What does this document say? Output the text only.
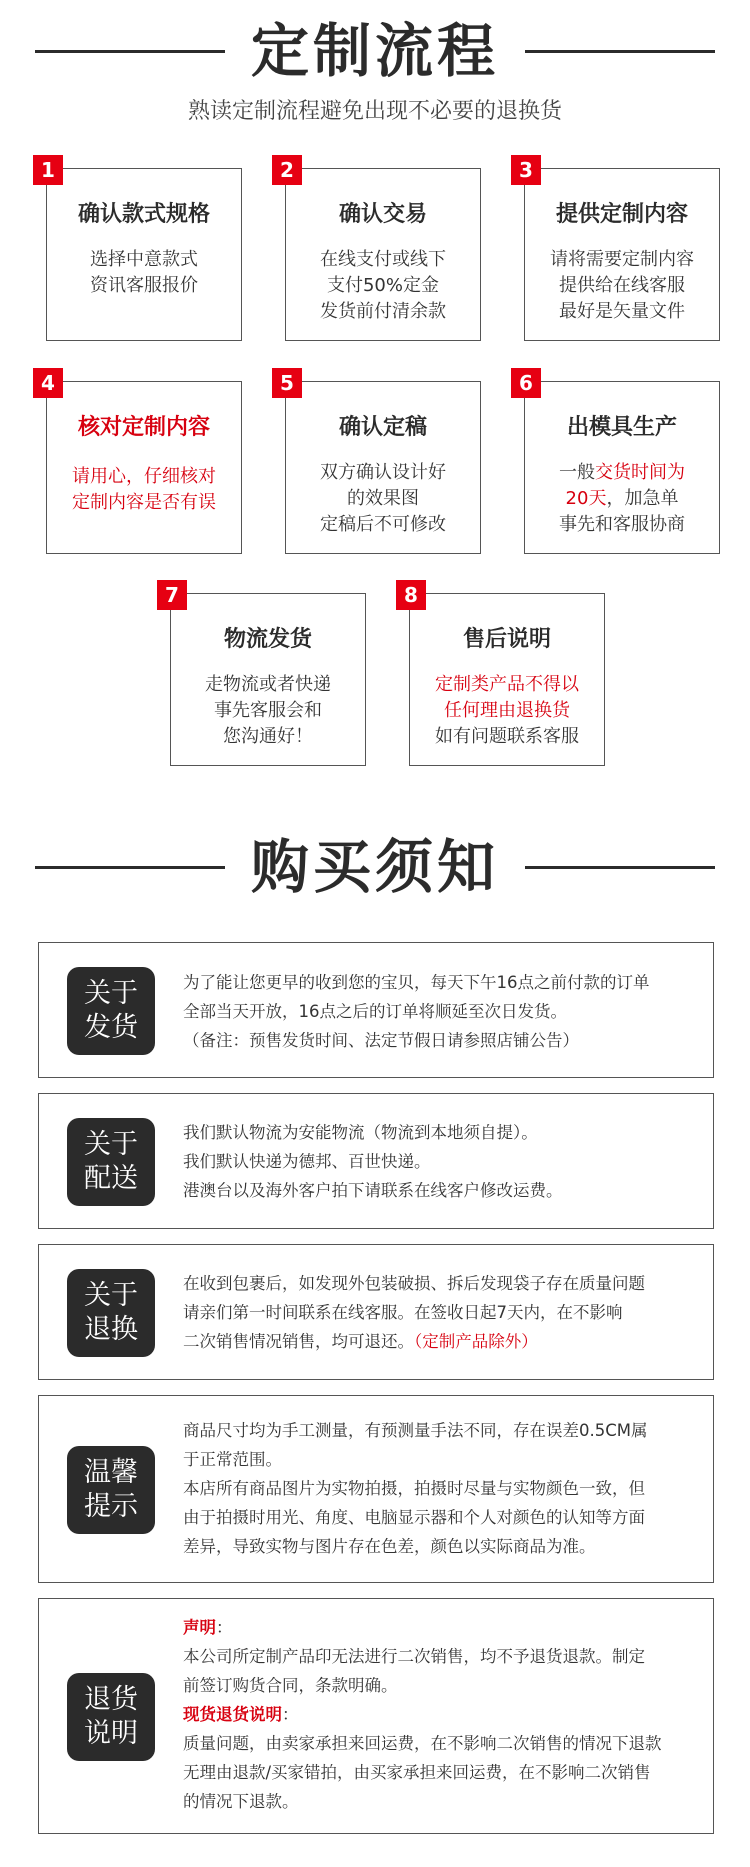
定制流程
熟读定制流程避免出现不必要的退换货
1
确认款式规格
选择中意款式
资讯客服报价
2
确认交易
在线支付或线下
支付50%定金
发货前付清余款
3
提供定制内容
请将需要定制内容
提供给在线客服
最好是矢量文件
4
核对定制内容
请用心，仔细核对
定制内容是否有误
5
确认定稿
双方确认设计好
的效果图
定稿后不可修改
6
出模具生产
一般交货时间为
20天，加急单
事先和客服协商
7
物流发货
走物流或者快递
事先客服会和
您沟通好！
8
售后说明
定制类产品不得以
任何理由退换货
如有问题联系客服
购买须知
关于
发货
为了能让您更早的收到您的宝贝，每天下午16点之前付款的订单
全部当天开放，16点之后的订单将顺延至次日发货。
（备注：预售发货时间、法定节假日请参照店铺公告）
关于
配送
我们默认物流为安能物流（物流到本地须自提）。
我们默认快递为德邦、百世快递。
港澳台以及海外客户拍下请联系在线客户修改运费。
关于
退换
在收到包裹后，如发现外包装破损、拆后发现袋子存在质量问题
请亲们第一时间联系在线客服。在签收日起7天内，在不影响
二次销售情况销售，均可退还。（定制产品除外）
温馨
提示
商品尺寸均为手工测量，有预测量手法不同，存在误差0.5CM属
于正常范围。
本店所有商品图片为实物拍摄，拍摄时尽量与实物颜色一致，但
由于拍摄时用光、角度、电脑显示器和个人对颜色的认知等方面
差异，导致实物与图片存在色差，颜色以实际商品为准。
退货
说明
声明：
本公司所定制产品印无法进行二次销售，均不予退货退款。制定
前签订购货合同，条款明确。
现货退货说明：
质量问题，由卖家承担来回运费，在不影响二次销售的情况下退款
无理由退款/买家错拍，由买家承担来回运费，在不影响二次销售
的情况下退款。
